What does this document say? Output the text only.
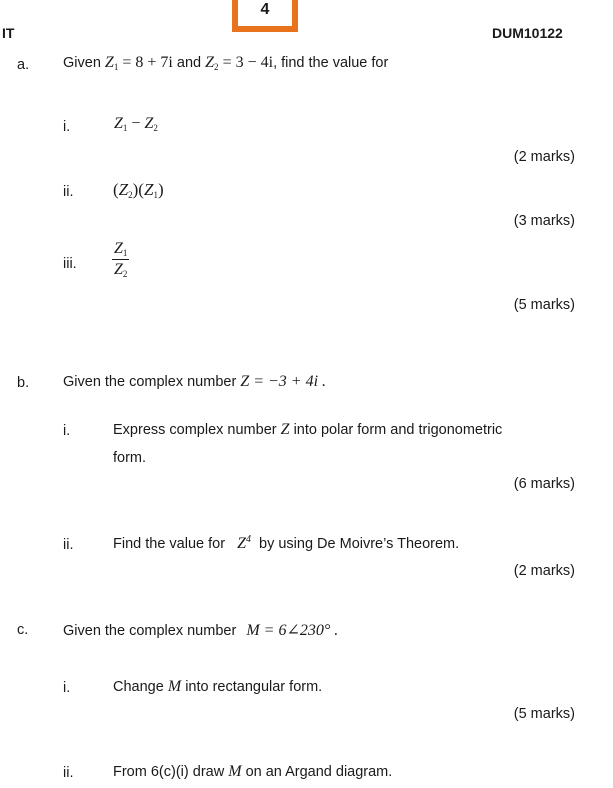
4
IT	DUM10122
a. Given $Z_1 = 8 + 7i$ and $Z_2 = 3 - 4i$, find the value for
i.	$Z_1 - Z_2$
(2 marks)
ii. $(Z_2)(Z_1)$
(3 marks)
iii. $\frac{Z_1}{Z_2}$
(5 marks)
b. Given the complex number Z = −3 + 4i .
i.	Express complex number Z into polar form and trigonometric
form.
(6 marks)
ii.	Find the value for $Z^4$ by using De Moivre’s Theorem.
(2 marks)
c. Given the complex number M = 6∠230° .
i.	Change M into rectangular form.
(5 marks)
ii.	From 6(c)(i) draw M on an Argand diagram.
